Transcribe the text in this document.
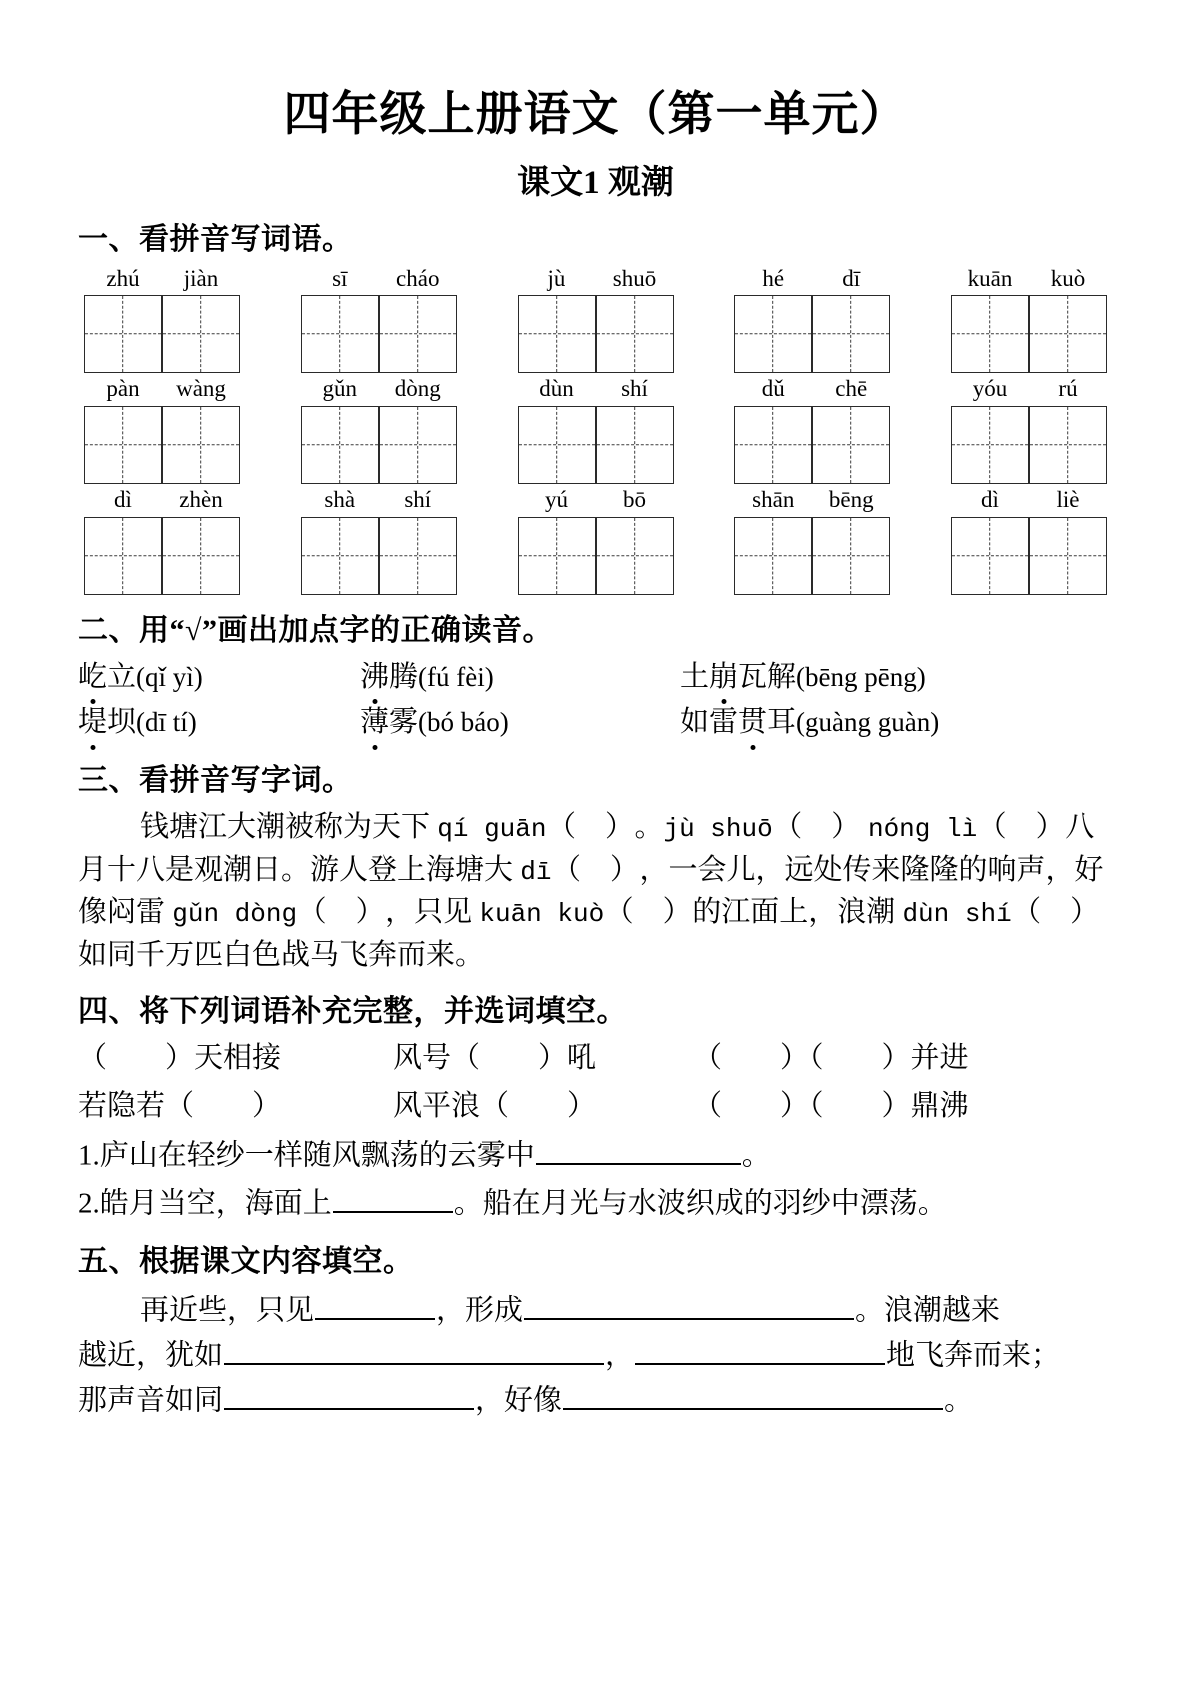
四年级上册语文（第一单元）
课文1 观潮
一、看拼音写词语。
zhú	jiàn	sī	cháo	jù	shuō	hé	dī	kuān	kuò
pàn	wàng	gǔn	dòng	dùn	shí	dǔ	chē	yóu	rú
dì	zhèn	shà	shí	yú	bō	shān	bēng	dì	liè
二、用“√”画出加点字的正确读音。
屹立(qǐ yì)	沸腾(fú fèi)	土崩瓦解(bēng pēng)
堤坝(dī tí)	薄雾(bó báo)	如雷贯耳(guàng guàn)
三、看拼音写字词。
钱塘江大潮被称为天下 qí guān（　）。jù shuō（　） nóng lì（　）八月十八是观潮日。游人登上海塘大 dī（　），一会儿，远处传来隆隆的响声，好像闷雷 gǔn dòng（　），只见 kuān kuò（　）的江面上，浪潮 dùn shí（　）如同千万匹白色战马飞奔而来。
四、将下列词语补充完整，并选词填空。
（　　）天相接	风号（　　）吼	（　　）（　　）并进
若隐若（　　）	风平浪（　　）	（　　）（　　）鼎沸
1.庐山在轻纱一样随风飘荡的云雾中	。
2.皓月当空，海面上	。船在月光与水波织成的羽纱中漂荡。
五、根据课文内容填空。
再近些，只见	，形成	。浪潮越来
越近，犹如	，	地飞奔而来；
那声音如同	，好像	。
